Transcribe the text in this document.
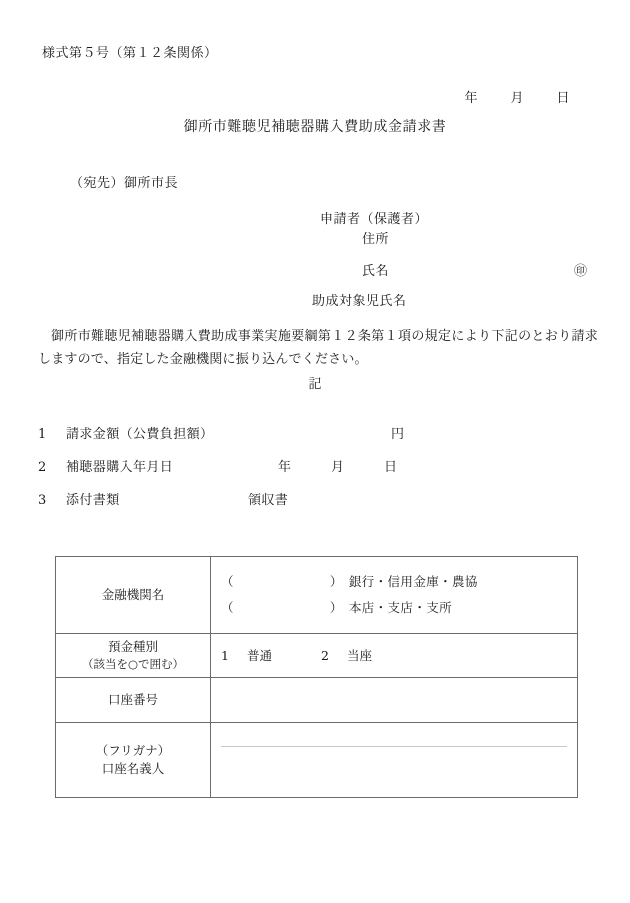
様式第５号（第１２条関係）

年	月	日

御所市難聴児補聴器購入費助成金請求書
（宛先）御所市長
申請者（保護者）
住所
氏名	㊞
助成対象児氏名
御所市難聴児補聴器購入費助成事業実施要綱第１２条第１項の規定により下記のとおり請求しますので、指定した金融機関に振り込んでください。
記
1 請求金額（公費負担額）	円
2 補聴器購入年月日	年	月	日
3 添付書類	領収書
金融機関名	（ ） 銀行・信用金庫・農協
（ ） 本店・支店・支所

預金種別
（該当を○で囲む）	1 普通 2 当座
口座番号	

（フリガナ）
口座名義人	
